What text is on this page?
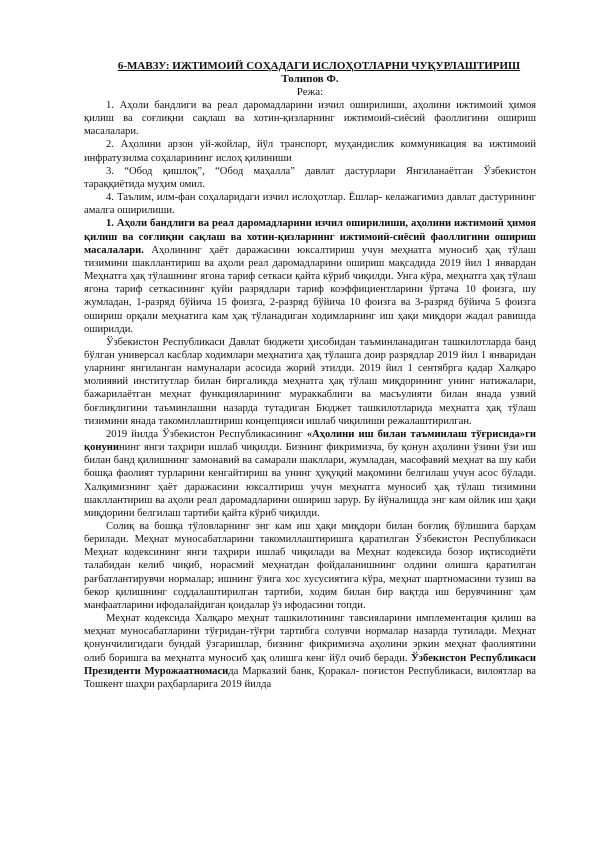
6-МАВЗУ: ИЖТИМОИЙ СОҲАДАГИ ИСЛОҲОТЛАРНИ ЧУҚУРЛАШТИРИШ
Толипов Ф.
Режа:

1. Аҳоли бандлиги ва реал даромадларини изчил оширилиши, аҳолини ижтимоий ҳимоя қилиш ва соғлиқни сақлаш ва хотин-қизларнинг ижтимоий-сиёсий фаоллигини ошириш масалалари.

2. Аҳолини арзон уй-жойлар, йўл транспорт, муҳандислик коммуникация ва ижтимоий инфратузилма соҳаларининг ислоҳ қилиниши

3. “Обод қишлоқ”, “Обод маҳалла” давлат дастурлари Янгиланаётган Ўзбекистон тараққиётида муҳим омил.

4. Таълим, илм-фан соҳаларидаги изчил ислоҳотлар. Ёшлар- келажагимиз давлат дастурининг амалга оширилиши.

1. Аҳоли бандлиги ва реал даромадларини изчил оширилиши, аҳолини ижтимоий ҳимоя қилиш ва соғлиқни сақлаш ва хотин-қизларнинг ижтимоий-сиёсий фаоллигини ошириш масалалари. Аҳолининг ҳаёт даражасини юксалтириш учун меҳнатга муносиб ҳақ тўлаш тизимини шакллантириш ва аҳоли реал даромадларини ошириш мақсадида 2019 йил 1 январдан Меҳнатга ҳақ тўлашнинг ягона тариф сеткаси қайта кўриб чиқилди. Унга кўра, меҳнатга ҳақ тўлаш ягона тариф сеткасининг қуйи разрядлари тариф коэффициентларини ўртача 10 фоизга, шу жумладан, 1-разряд бўйича 15 фоизга, 2-разряд бўйича 10 фоизга ва 3-разряд бўйича 5 фоизга ошириш орқали меҳнатига кам ҳақ тўланадиган ходимларнинг иш ҳақи миқдори жадал равишда оширилди.

Ўзбекистон Республикаси Давлат бюджети ҳисобидан таъминланадиган ташкилотларда банд бўлган универсал касблар ходимлари меҳнатига ҳақ тўлашга доир разрядлар 2019 йил 1 январидан уларнинг янгиланган намуналари асосида жорий этилди. 2019 йил 1 сентябрга қадар Халқаро молиявий институтлар билан биргаликда меҳнатга ҳақ тўлаш миқдорининг унинг натижалари, бажарилаётган меҳнат функцияларининг мураккаблиги ва масъулияти билан янада узвий боғлиқлигини таъминлашни назарда тутадиган Бюджет ташкилотларида меҳнатга ҳақ тўлаш тизимини янада такомиллаштириш концепцияси ишлаб чиқилиши режалаштирилган.

2019 йилда Ўзбекистон Республикасининг «Аҳолини иш билан таъминлаш тўғрисида»ги қонунининг янги таҳрири ишлаб чиқилди. Бизнинг фикримизча, бу қонун аҳолини ўзини ўзи иш билан банд қилишнинг замонавий ва самарали шакллари, жумладан, масофавий меҳнат ва шу каби бошқа фаолият турларини кенгайтириш ва унинг ҳуқуқий мақомини белгилаш учун асос бўлади. Халқимизнинг ҳаёт даражасини юксалтириш учун меҳнатга муносиб ҳақ тўлаш тизимини шакллантириш ва аҳоли реал даромадларини ошириш зарур. Бу йўналишда энг кам ойлик иш ҳақи миқдорини белгилаш тартиби қайта кўриб чиқилди.

Солиқ ва бошқа тўловларнинг энг кам иш ҳақи миқдори билан боғлиқ бўлишига барҳам берилади. Меҳнат муносабатларини такомиллаштиришга қаратилган Ўзбекистон Республикаси Меҳнат кодексининг янги таҳрири ишлаб чиқилади ва Меҳнат кодексида бозор иқтисодиёти талабидан келиб чиқиб, норасмий меҳнатдан фойдаланишнинг олдини олишга қаратилган рағбатлантирувчи нормалар; ишнинг ўзига хос хусусиятига кўра, меҳнат шартномасини тузиш ва бекор қилишнинг соддалаштирилган тартиби, ходим билан бир вақтда иш берувчининг ҳам манфаатларини ифодалайдиган қоидалар ўз ифодасини топди.

Меҳнат кодексида Халқаро меҳнат ташкилотининг тавсияларини имплементация қилиш ва меҳнат муносабатларини тўғридан-тўғри тартибга солувчи нормалар назарда тутилади. Меҳнат қонунчилигидаги бундай ўзгаришлар, бизнинг фикримизча аҳолини эркин меҳнат фаолиятини олиб боришга ва меҳнатга муносиб ҳақ олишга кенг йўл очиб беради. Ўзбекистон Республикаси Президенти Мурожаатномасида Марказий банк, Қоракал- поғистон Республикаси, вилоятлар ва Тошкент шаҳри раҳбарларига 2019 йилда
